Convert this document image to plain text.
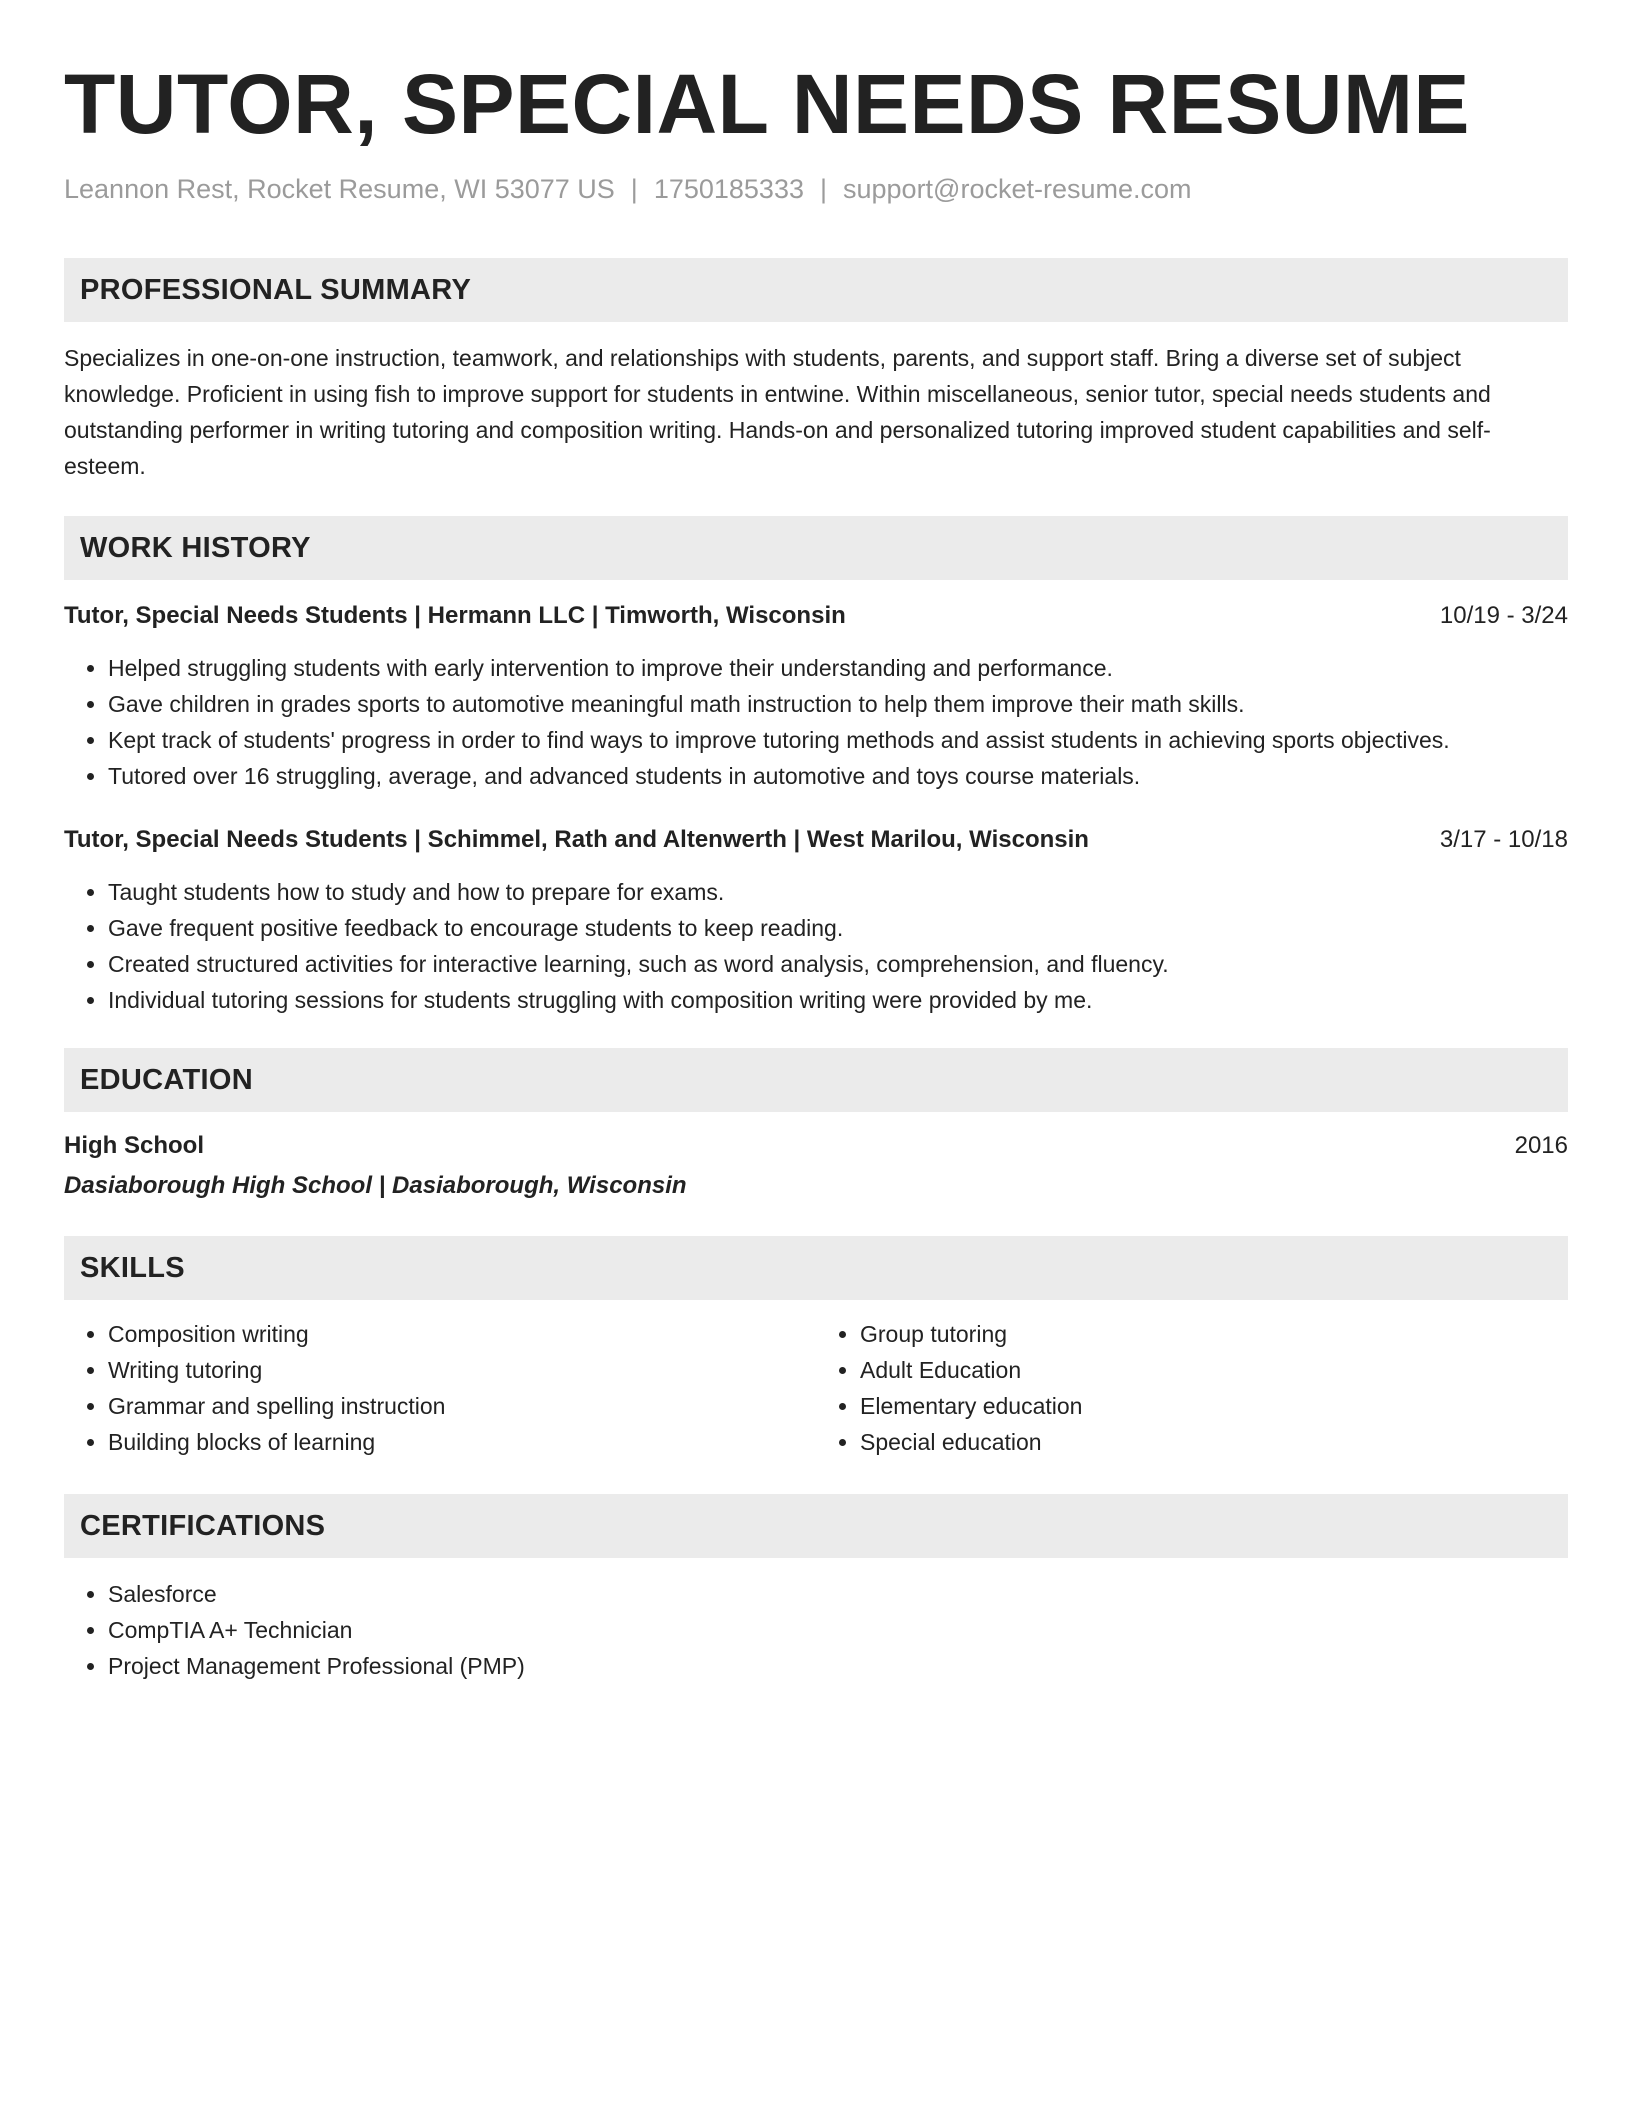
TUTOR, SPECIAL NEEDS RESUME
Leannon Rest, Rocket Resume, WI 53077 US | 1750185333 | support@rocket-resume.com
PROFESSIONAL SUMMARY

Specializes in one-on-one instruction, teamwork, and relationships with students, parents, and support staff. Bring a diverse set of subject knowledge. Proficient in using fish to improve support for students in entwine. Within miscellaneous, senior tutor, special needs students and outstanding performer in writing tutoring and composition writing. Hands-on and personalized tutoring improved student capabilities and self-esteem.

WORK HISTORY
Tutor, Special Needs Students | Hermann LLC | Timworth, Wisconsin	10/19 - 3/24
• Helped struggling students with early intervention to improve their understanding and performance.
• Gave children in grades sports to automotive meaningful math instruction to help them improve their math skills.
• Kept track of students' progress in order to find ways to improve tutoring methods and assist students in achieving sports objectives.
• Tutored over 16 struggling, average, and advanced students in automotive and toys course materials.
Tutor, Special Needs Students | Schimmel, Rath and Altenwerth | West Marilou, Wisconsin	3/17 - 10/18
• Taught students how to study and how to prepare for exams.
• Gave frequent positive feedback to encourage students to keep reading.
• Created structured activities for interactive learning, such as word analysis, comprehension, and fluency.
• Individual tutoring sessions for students struggling with composition writing were provided by me.
EDUCATION
High School	2016
Dasiaborough High School | Dasiaborough, Wisconsin
SKILLS
• Composition writing
• Writing tutoring
• Grammar and spelling instruction
• Building blocks of learning
• Group tutoring
• Adult Education
• Elementary education
• Special education
CERTIFICATIONS
• Salesforce
• CompTIA A+ Technician
• Project Management Professional (PMP)
